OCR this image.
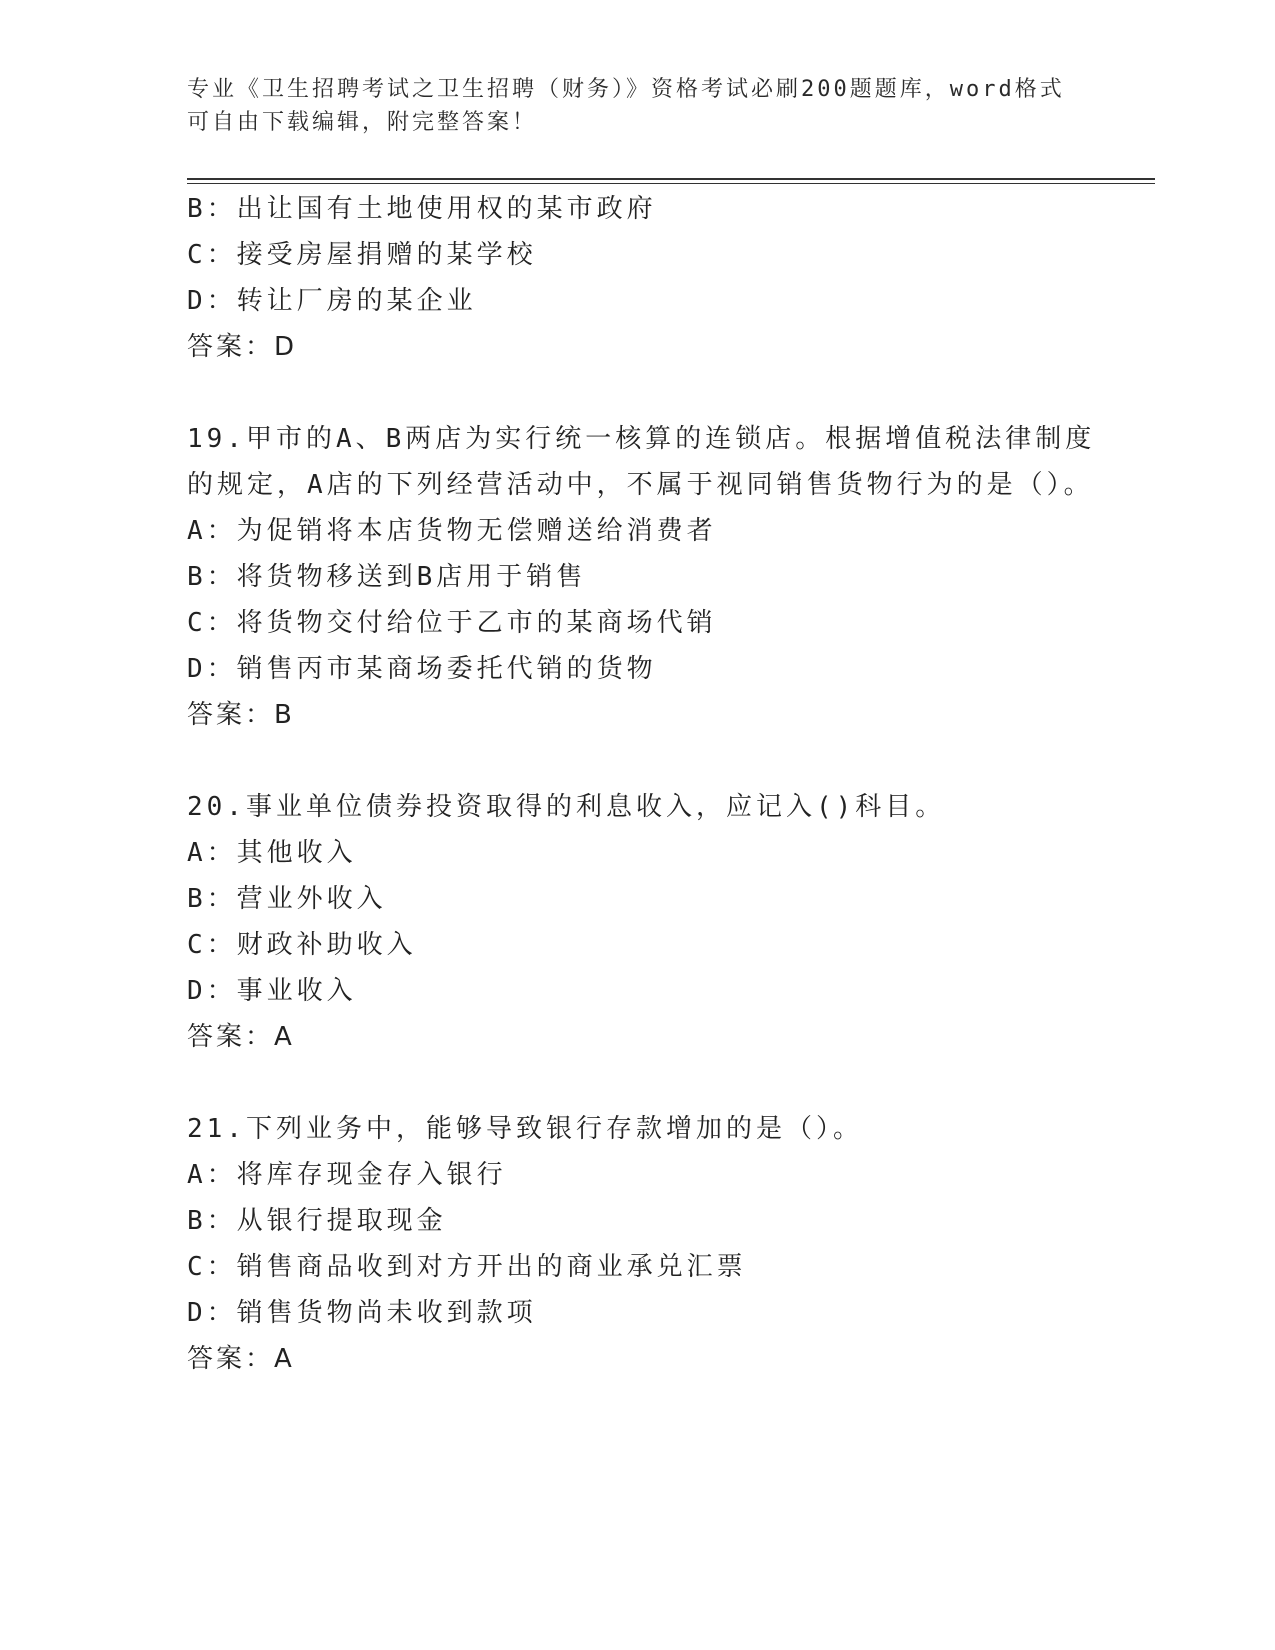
专业《卫生招聘考试之卫生招聘（财务）》资格考试必刷200题题库，word格式
可自由下载编辑，附完整答案！
B：出让国有土地使用权的某市政府
C：接受房屋捐赠的某学校
D：转让厂房的某企业
答案：D
19.甲市的A、B两店为实行统一核算的连锁店。根据增值税法律制度
的规定，A店的下列经营活动中，不属于视同销售货物行为的是（）。
A：为促销将本店货物无偿赠送给消费者
B：将货物移送到B店用于销售
C：将货物交付给位于乙市的某商场代销
D：销售丙市某商场委托代销的货物
答案：B
20.事业单位债券投资取得的利息收入，应记入()科目。
A：其他收入
B：营业外收入
C：财政补助收入
D：事业收入
答案：A
21.下列业务中，能够导致银行存款增加的是（）。
A：将库存现金存入银行
B：从银行提取现金
C：销售商品收到对方开出的商业承兑汇票
D：销售货物尚未收到款项
答案：A
